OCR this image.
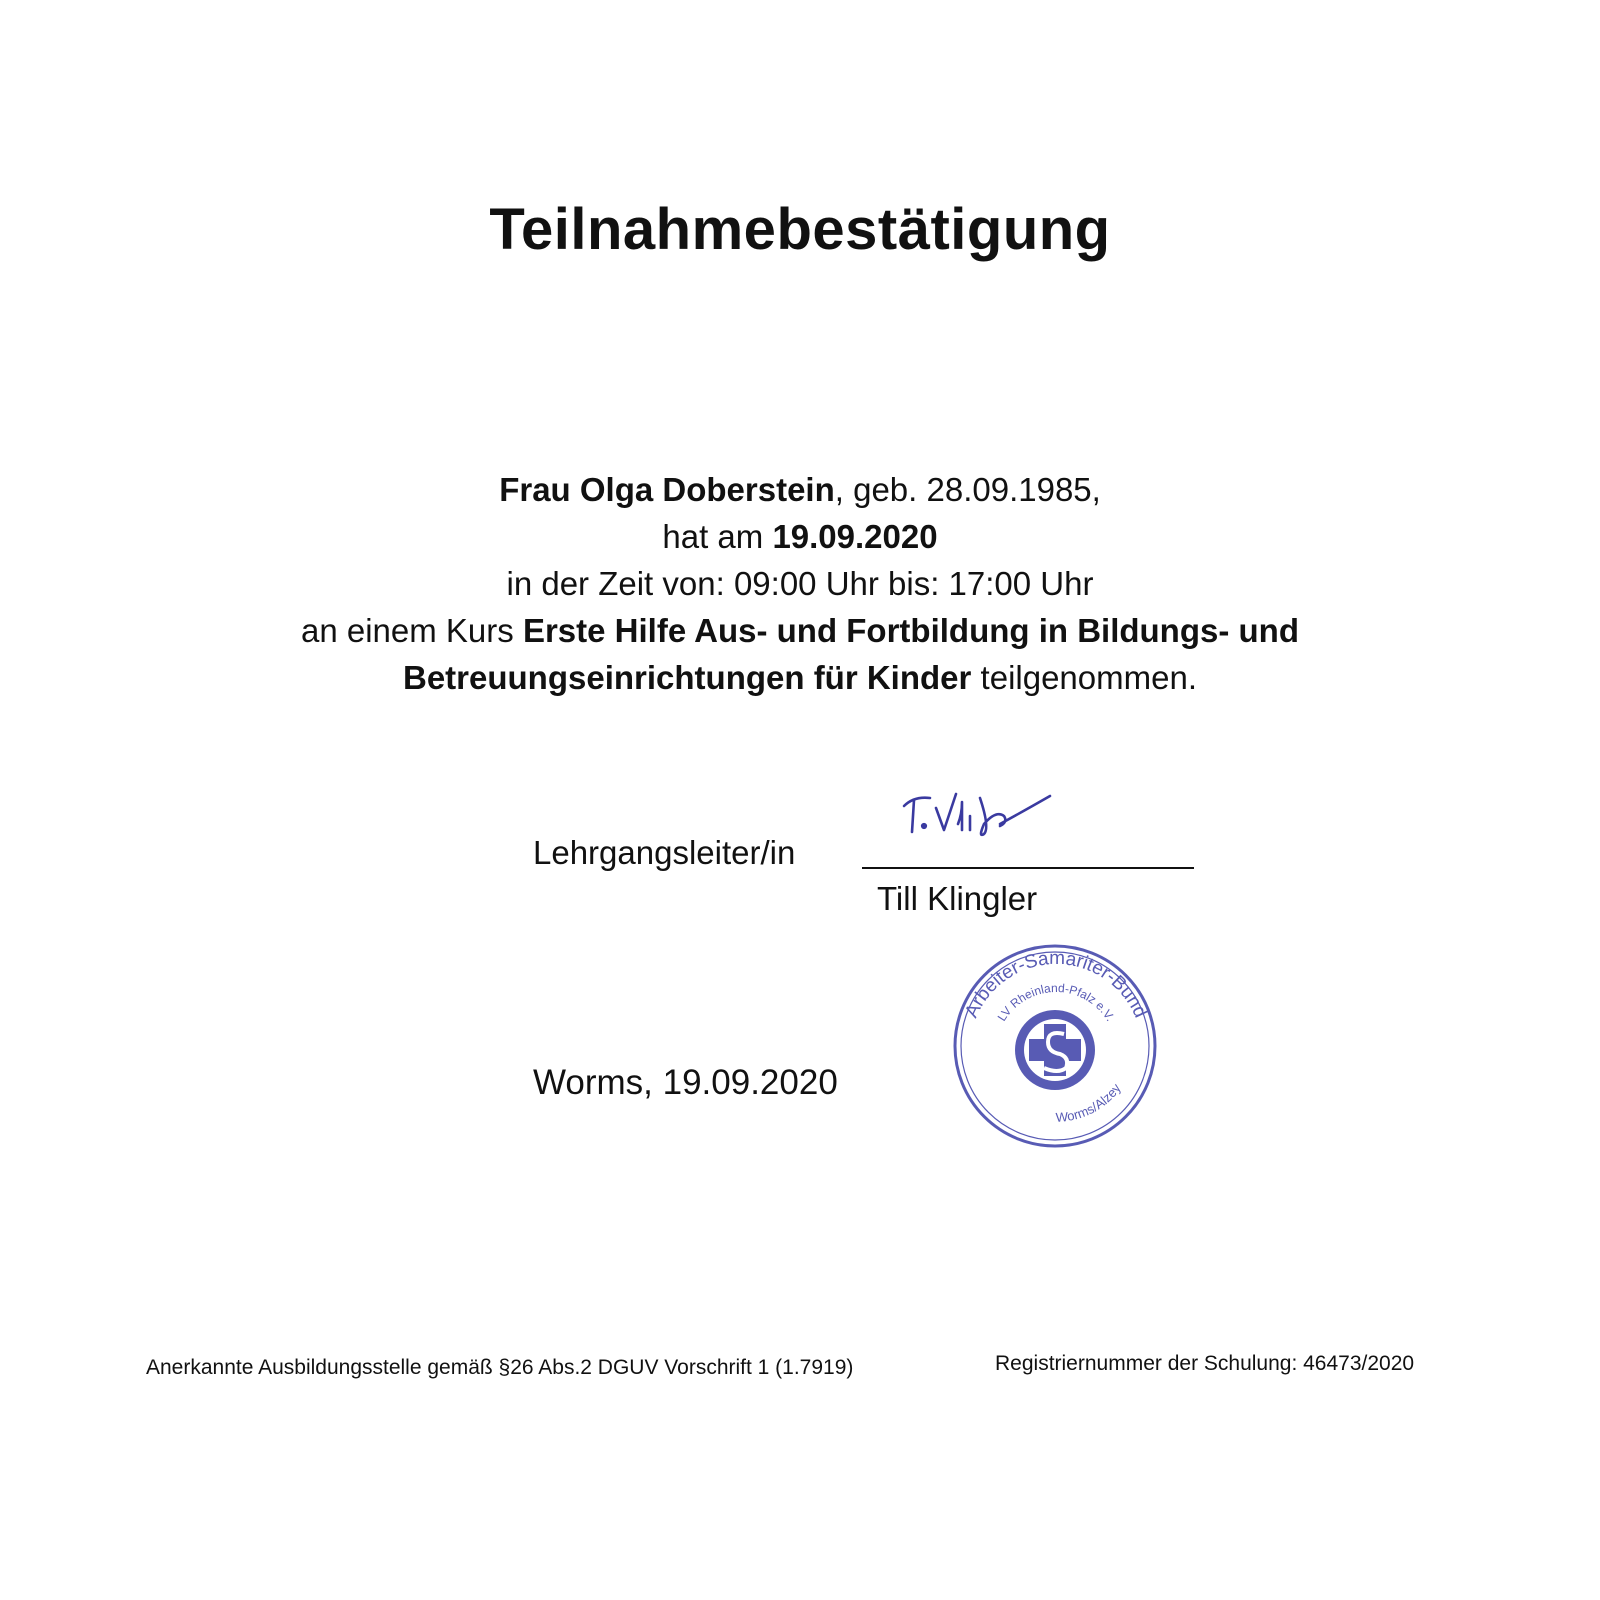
Teilnahmebestätigung
Frau Olga Doberstein, geb. 28.09.1985,
hat am 19.09.2020
in der Zeit von: 09:00 Uhr bis: 17:00 Uhr
an einem Kurs Erste Hilfe Aus- und Fortbildung in Bildungs- und
Betreuungseinrichtungen für Kinder teilgenommen.
Lehrgangsleiter/in
Till Klingler
Arbeiter-Samariter-Bund
LV Rheinland-Pfalz e.V.
Worms/Alzey
Worms, 19.09.2020
Anerkannte Ausbildungsstelle gemäß §26 Abs.2 DGUV Vorschrift 1 (1.7919)	Registriernummer der Schulung: 46473/2020
